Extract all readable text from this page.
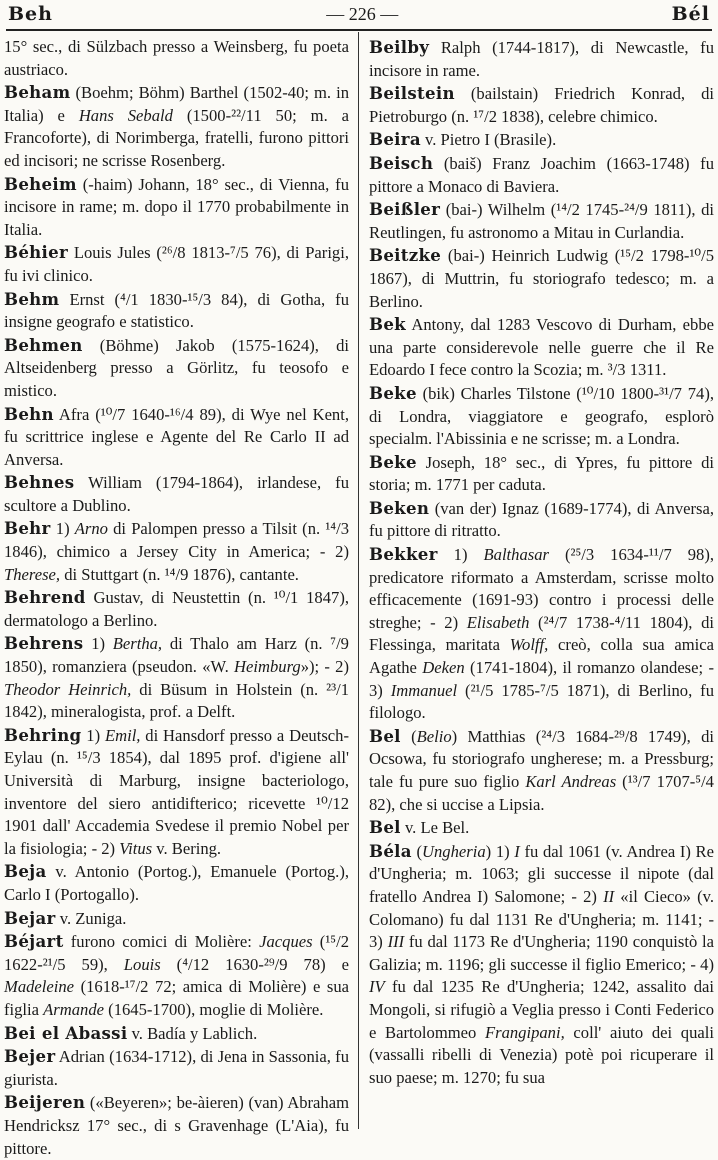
Beh	— 226 —	Bél

15° sec., di Sülzbach presso a Weinsberg, fu poeta austriaco.

Beham (Boehm; Böhm) Barthel (1502-40; m. in Italia) e Hans Sebald (1500-²²/11 50; m. a Francoforte), di Norimberga, fratelli, furono pittori ed incisori; ne scrisse Rosenberg.

Beheim (-haim) Johann, 18° sec., di Vienna, fu incisore in rame; m. dopo il 1770 probabilmente in Italia.

Béhier Louis Jules (²⁶/8 1813-⁷/5 76), di Parigi, fu ivi clinico.

Behm Ernst (⁴/1 1830-¹⁵/3 84), di Gotha, fu insigne geografo e statistico.

Behmen (Böhme) Jakob (1575-1624), di Altseidenberg presso a Görlitz, fu teosofo e mistico.

Behn Afra (¹⁰/7 1640-¹⁶/4 89), di Wye nel Kent, fu scrittrice inglese e Agente del Re Carlo II ad Anversa.

Behnes William (1794-1864), irlandese, fu scultore a Dublino.

Behr 1) Arno di Palompen presso a Tilsit (n. ¹⁴/3 1846), chimico a Jersey City in America; - 2) Therese, di Stuttgart (n. ¹⁴/9 1876), cantante.

Behrend Gustav, di Neustettin (n. ¹⁰/1 1847), dermatologo a Berlino.

Behrens 1) Bertha, di Thalo am Harz (n. ⁷/9 1850), romanziera (pseudon. «W. Heimburg»); - 2) Theodor Heinrich, di Büsum in Holstein (n. ²³/1 1842), mineralogista, prof. a Delft.

Behring 1) Emil, di Hansdorf presso a Deutsch-Eylau (n. ¹⁵/3 1854), dal 1895 prof. d'igiene all' Università di Marburg, insigne bacteriologo, inventore del siero antidifterico; ricevette ¹⁰/12 1901 dall' Accademia Svedese il premio Nobel per la fisiologia; - 2) Vitus v. Bering.

Beja v. Antonio (Portog.), Emanuele (Portog.), Carlo I (Portogallo).

Bejar v. Zuniga.

Béjart furono comici di Molière: Jacques (¹⁵/2 1622-²¹/5 59), Louis (⁴/12 1630-²⁹/9 78) e Madeleine (1618-¹⁷/2 72; amica di Molière) e sua figlia Armande (1645-1700), moglie di Molière.

Bei el Abassi v. Badía y Lablich.

Bejer Adrian (1634-1712), di Jena in Sassonia, fu giurista.

Beijeren («Beyeren»; be-àieren) (van) Abraham Hendricksz 17° sec., di s Gravenhage (L'Aia), fu pittore.

Beilby Ralph (1744-1817), di Newcastle, fu incisore in rame.

Beilstein (bailstain) Friedrich Konrad, di Pietroburgo (n. ¹⁷/2 1838), celebre chimico.

Beira v. Pietro I (Brasile).

Beisch (baiš) Franz Joachim (1663-1748) fu pittore a Monaco di Baviera.

Beißler (bai-) Wilhelm (¹⁴/2 1745-²⁴/9 1811), di Reutlingen, fu astronomo a Mitau in Curlandia.

Beitzke (bai-) Heinrich Ludwig (¹⁵/2 1798-¹⁰/5 1867), di Muttrin, fu storiografo tedesco; m. a Berlino.

Bek Antony, dal 1283 Vescovo di Durham, ebbe una parte considerevole nelle guerre che il Re Edoardo I fece contro la Scozia; m. ³/3 1311.

Beke (bik) Charles Tilstone (¹⁰/10 1800-³¹/7 74), di Londra, viaggiatore e geografo, esplorò specialm. l'Abissinia e ne scrisse; m. a Londra.

Beke Joseph, 18° sec., di Ypres, fu pittore di storia; m. 1771 per caduta.

Beken (van der) Ignaz (1689-1774), di Anversa, fu pittore di ritratto.

Bekker 1) Balthasar (²⁵/3 1634-¹¹/7 98), predicatore riformato a Amsterdam, scrisse molto efficacemente (1691-93) contro i processi delle streghe; - 2) Elisabeth (²⁴/7 1738-⁴/11 1804), di Flessinga, maritata Wolff, creò, colla sua amica Agathe Deken (1741-1804), il romanzo olandese; - 3) Immanuel (²¹/5 1785-⁷/5 1871), di Berlino, fu filologo.

Bel (Belio) Matthias (²⁴/3 1684-²⁹/8 1749), di Ocsowa, fu storiografo ungherese; m. a Pressburg; tale fu pure suo figlio Karl Andreas (¹³/7 1707-⁵/4 82), che si uccise a Lipsia.

Bel v. Le Bel.

Béla (Ungheria) 1) I fu dal 1061 (v. Andrea I) Re d'Ungheria; m. 1063; gli successe il nipote (dal fratello Andrea I) Salomone; - 2) II «il Cieco» (v. Colomano) fu dal 1131 Re d'Ungheria; m. 1141; - 3) III fu dal 1173 Re d'Ungheria; 1190 conquistò la Galizia; m. 1196; gli successe il figlio Emerico; - 4) IV fu dal 1235 Re d'Ungheria; 1242, assalito dai Mongoli, si rifugiò a Veglia presso i Conti Federico e Bartolommeo Frangipani, coll' aiuto dei quali (vassalli ribelli di Venezia) potè poi ricuperare il suo paese; m. 1270; fu sua
